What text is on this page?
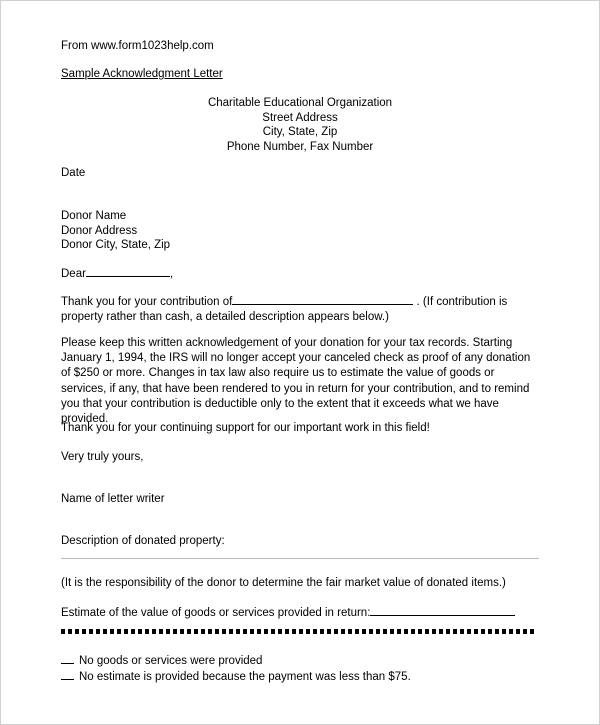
From www.form1023help.com
Sample Acknowledgment Letter
Charitable Educational Organization
Street Address
City, State, Zip
Phone Number, Fax Number
Date
Donor Name
Donor Address
Donor City, State, Zip
Dear	,
Thank you for your contribution of	. (If contribution is property rather than cash, a detailed description appears below.)
Please keep this written acknowledgement of your donation for your tax records. Starting January 1, 1994, the IRS will no longer accept your canceled check as proof of any donation of $250 or more. Changes in tax law also require us to estimate the value of goods or services, if any, that have been rendered to you in return for your contribution, and to remind you that your contribution is deductible only to the extent that it exceeds what we have provided.
Thank you for your continuing support for our important work in this field!
Very truly yours,
Name of letter writer
Description of donated property:
(It is the responsibility of the donor to determine the fair market value of donated items.)
Estimate of the value of goods or services provided in return:
No goods or services were provided
No estimate is provided because the payment was less than $75.
